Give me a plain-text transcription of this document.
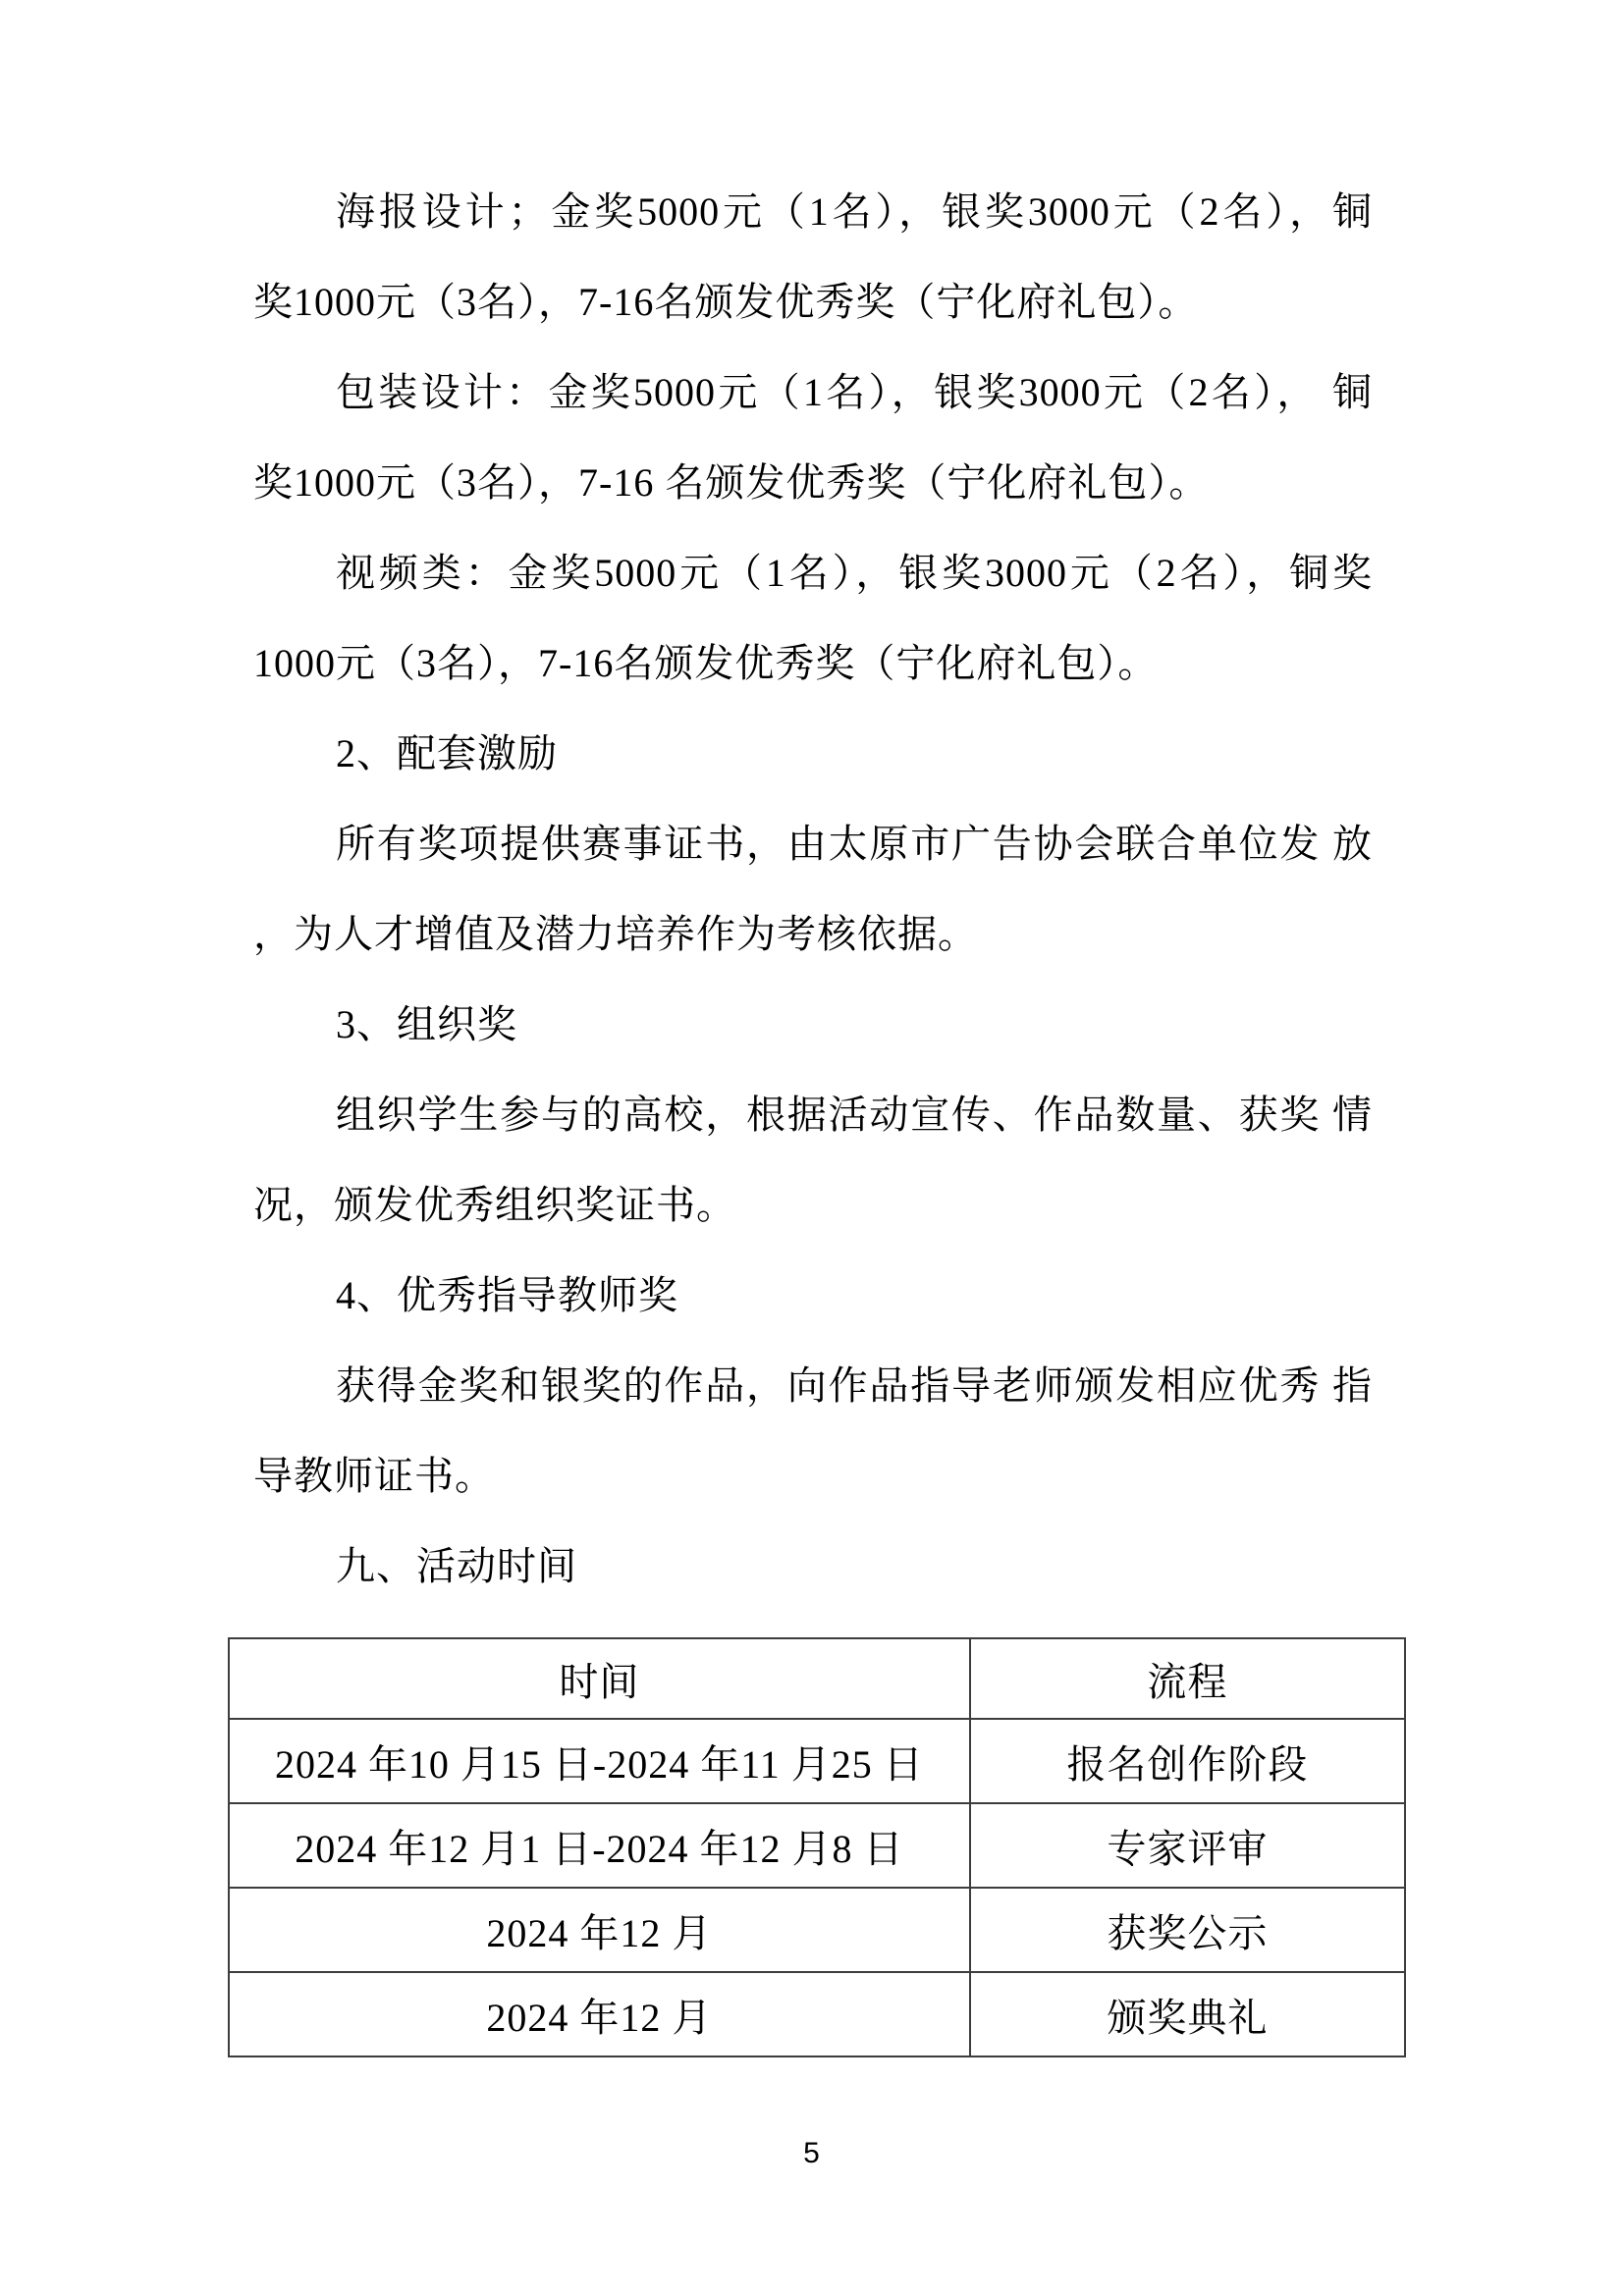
海报设计；金奖5000元（1名），银奖3000元（2名），铜
奖1000元（3名），7-16名颁发优秀奖（宁化府礼包）。
包装设计：金奖5000元（1名），银奖3000元（2名）， 铜
奖1000元（3名），7-16 名颁发优秀奖（宁化府礼包）。
视频类：金奖5000元（1名），银奖3000元（2名），铜奖
1000元（3名），7-16名颁发优秀奖（宁化府礼包）。
2、配套激励
所有奖项提供赛事证书，由太原市广告协会联合单位发 放
，为人才增值及潜力培养作为考核依据。
3、组织奖
组织学生参与的高校，根据活动宣传、作品数量、获奖 情
况，颁发优秀组织奖证书。
4、优秀指导教师奖
获得金奖和银奖的作品，向作品指导老师颁发相应优秀 指
导教师证书。
九、活动时间
时间	流程
2024 年10 月15 日-2024 年11 月25 日	报名创作阶段
2024 年12 月1 日-2024 年12 月8 日	专家评审
2024 年12 月	获奖公示
2024 年12 月	颁奖典礼
5
